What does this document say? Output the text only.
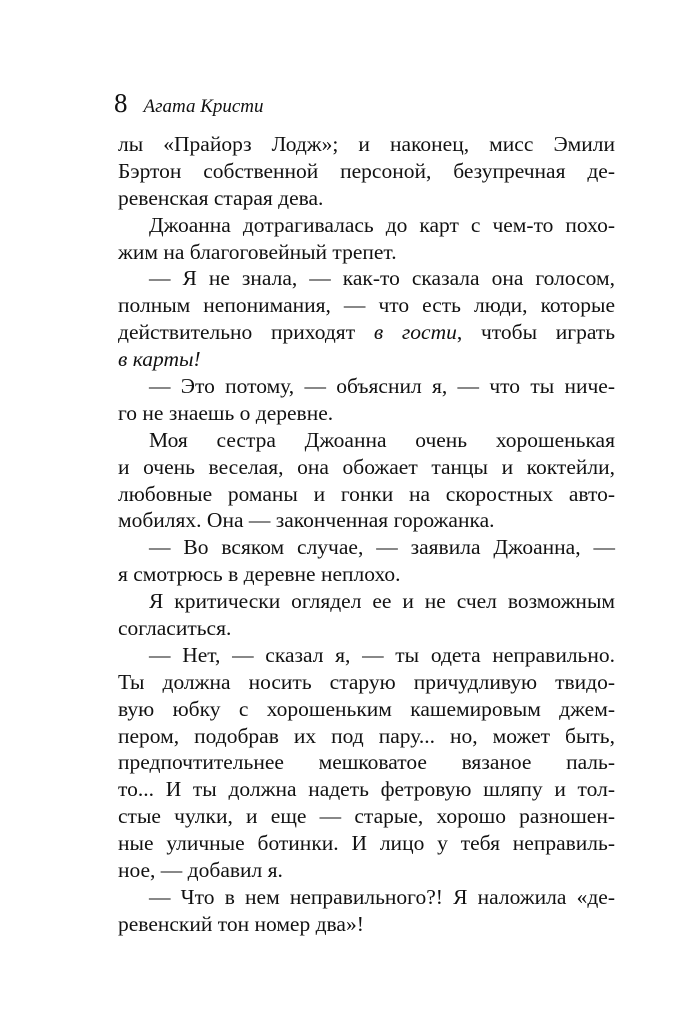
8 Агата Кристи
лы «Прайорз Лодж»; и наконец, мисс Эмили
Бэртон собственной персоной, безупречная де-
ревенская старая дева.
Джоанна дотрагивалась до карт с чем-то похо-
жим на благоговейный трепет.
— Я не знала, — как-то сказала она голосом,
полным непонимания, — что есть люди, которые
действительно приходят в гости, чтобы играть
в карты!
— Это потому, — объяснил я, — что ты ниче-
го не знаешь о деревне.
Моя сестра Джоанна очень хорошенькая
и очень веселая, она обожает танцы и коктейли,
любовные романы и гонки на скоростных авто-
мобилях. Она — законченная горожанка.
— Во всяком случае, — заявила Джоанна, —
я смотрюсь в деревне неплохо.
Я критически оглядел ее и не счел возможным
согласиться.
— Нет, — сказал я, — ты одета неправильно.
Ты должна носить старую причудливую твидо-
вую юбку с хорошеньким кашемировым джем-
пером, подобрав их под пару... но, может быть,
предпочтительнее мешковатое вязаное паль-
то... И ты должна надеть фетровую шляпу и тол-
стые чулки, и еще — старые, хорошо разношен-
ные уличные ботинки. И лицо у тебя неправиль-
ное, — добавил я.
— Что в нем неправильного?! Я наложила «де-
ревенский тон номер два»!
